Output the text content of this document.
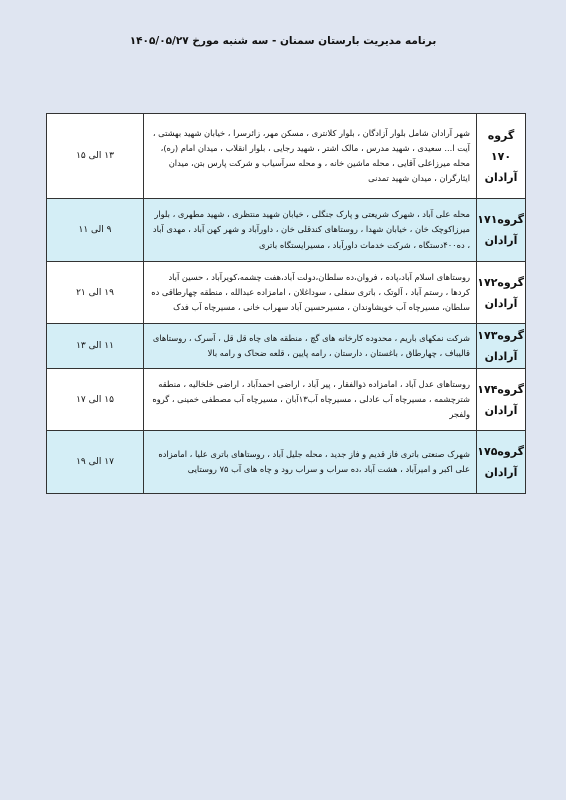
برنامه مدیریت بارستان سمنان - سه شنبه مورخ ۱۴۰۵/۰۵/۲۷
گروه ۱۷۰
آرادان	شهر آرادان شامل بلوار آزادگان ، بلوار کلانتری ، مسکن مهر، زائرسرا ، خیابان شهید بهشتی ، آیت ا... سعیدی ، شهید مدرس ، مالک اشتر ، شهید رجایی ، بلوار انقلاب ، میدان امام (ره)، محله میرزاعلی آقایی ، محله ماشین خانه ، و محله سرآسیاب و شرکت پارس بتن، میدان ایثارگران ، میدان شهید تمدنی	۱۳ الی ۱۵

گروه۱۷۱
آرادان	محله علی آباد ، شهرک شریعتی و پارک جنگلی ، خیابان شهید منتظری ، شهید مطهری ، بلوار میرزاکوچک خان ، خیابان شهدا ، روستاهای کندقلی خان ، داورآباد و شهر کهن آباد ، مهدی آباد ، ده۴۰۰دستگاه ، شرکت خدمات داورآباد ، مسیرایستگاه باتری	۹ الی ۱۱

گروه۱۷۲
آرادان	روستاهای اسلام آباد،پاده ، فروان،ده سلطان،دولت آباد،هفت چشمه،کویرآباد ، حسین آباد کردها ، رستم آباد ، آلوتک ، باتری سفلی ، سوداغلان ، امامزاده عبدالله ، منطقه چهارطاقی ده سلطان، مسیرچاه آب خویشاوندان ، مسیرحسین آباد سهراب خانی ، مسیرچاه آب فدک	۱۹ الی ۲۱

گروه۱۷۳
آرادان	شرکت نمکهای باریم ، محدوده کارخانه های گچ ، منطقه های چاه قل قل ، آسرک ، روستاهای قالیباف ، چهارطاق ، باغستان ، دارستان ، رامه پایین ، قلعه ضحاک و رامه بالا	۱۱ الی ۱۳

گروه۱۷۴
آرادان	روستاهای عدل آباد ، امامزاده ذوالفقار ، پیر آباد ، اراضی احمدآباد ، اراضی خلخالیه ، منطقه شترچشمه ، مسیرچاه آب عادلی ، مسیرچاه آب۱۳آبان ، مسیرچاه آب مصطفی خمینی ، گروه ولفجر	۱۵ الی ۱۷

گروه۱۷۵
آرادان	شهرک صنعتی باتری فاز قدیم و فاز جدید ، محله جلیل آباد ، روستاهای باتری علیا ، امامزاده علی اکبر و امیرآباد ، هشت آباد ،ده سراب و سراب رود و چاه های آب ۷۵ روستایی	۱۷ الی ۱۹
